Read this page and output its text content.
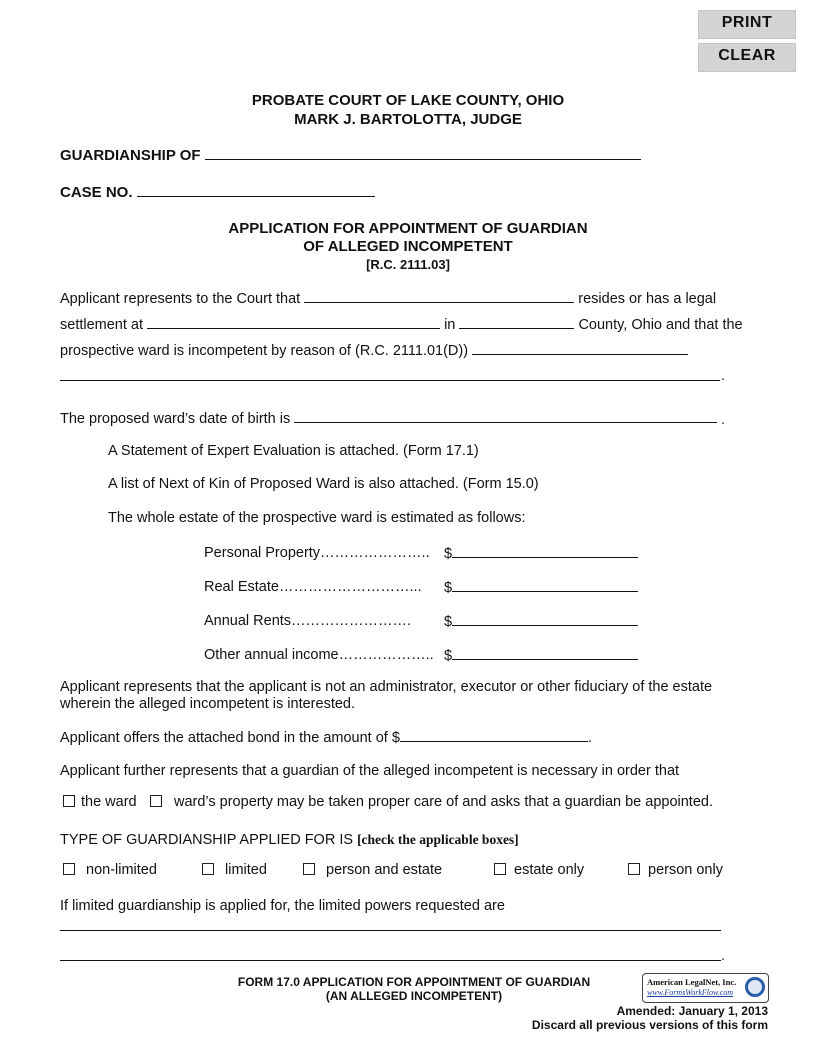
PRINT
CLEAR
PROBATE COURT OF LAKE COUNTY, OHIO
MARK J. BARTOLOTTA, JUDGE
GUARDIANSHIP OF
CASE NO.
APPLICATION FOR APPOINTMENT OF GUARDIAN
OF ALLEGED INCOMPETENT
[R.C. 2111.03]
Applicant represents to the Court that	resides or has a legal
settlement at	in	County, Ohio and that the
prospective ward is incompetent by reason of (R.C. 2111.01(D))
.
The proposed ward’s date of birth is	.
A Statement of Expert Evaluation is attached. (Form 17.1)
A list of Next of Kin of Proposed Ward is also attached. (Form 15.0)
The whole estate of the prospective ward is estimated as follows:
Personal Property………………….. $
Real Estate………………………... $
Annual Rents……………………. $
Other annual income……………….. $
Applicant represents that the applicant is not an administrator, executor or other fiduciary of the estate
wherein the alleged incompetent is interested.
Applicant offers the attached bond in the amount of $	.
Applicant further represents that a guardian of the alleged incompetent is necessary in order that
the ward	ward’s property may be taken proper care of and asks that a guardian be appointed.
TYPE OF GUARDIANSHIP APPLIED FOR IS [check the applicable boxes]
non-limited	limited	person and estate	estate only	person only
If limited guardianship is applied for, the limited powers requested are
.
FORM 17.0 APPLICATION FOR APPOINTMENT OF GUARDIAN
(AN ALLEGED INCOMPETENT)
American LegalNet, Inc.
www.FormsWorkFlow.com
Amended: January 1, 2013
Discard all previous versions of this form
